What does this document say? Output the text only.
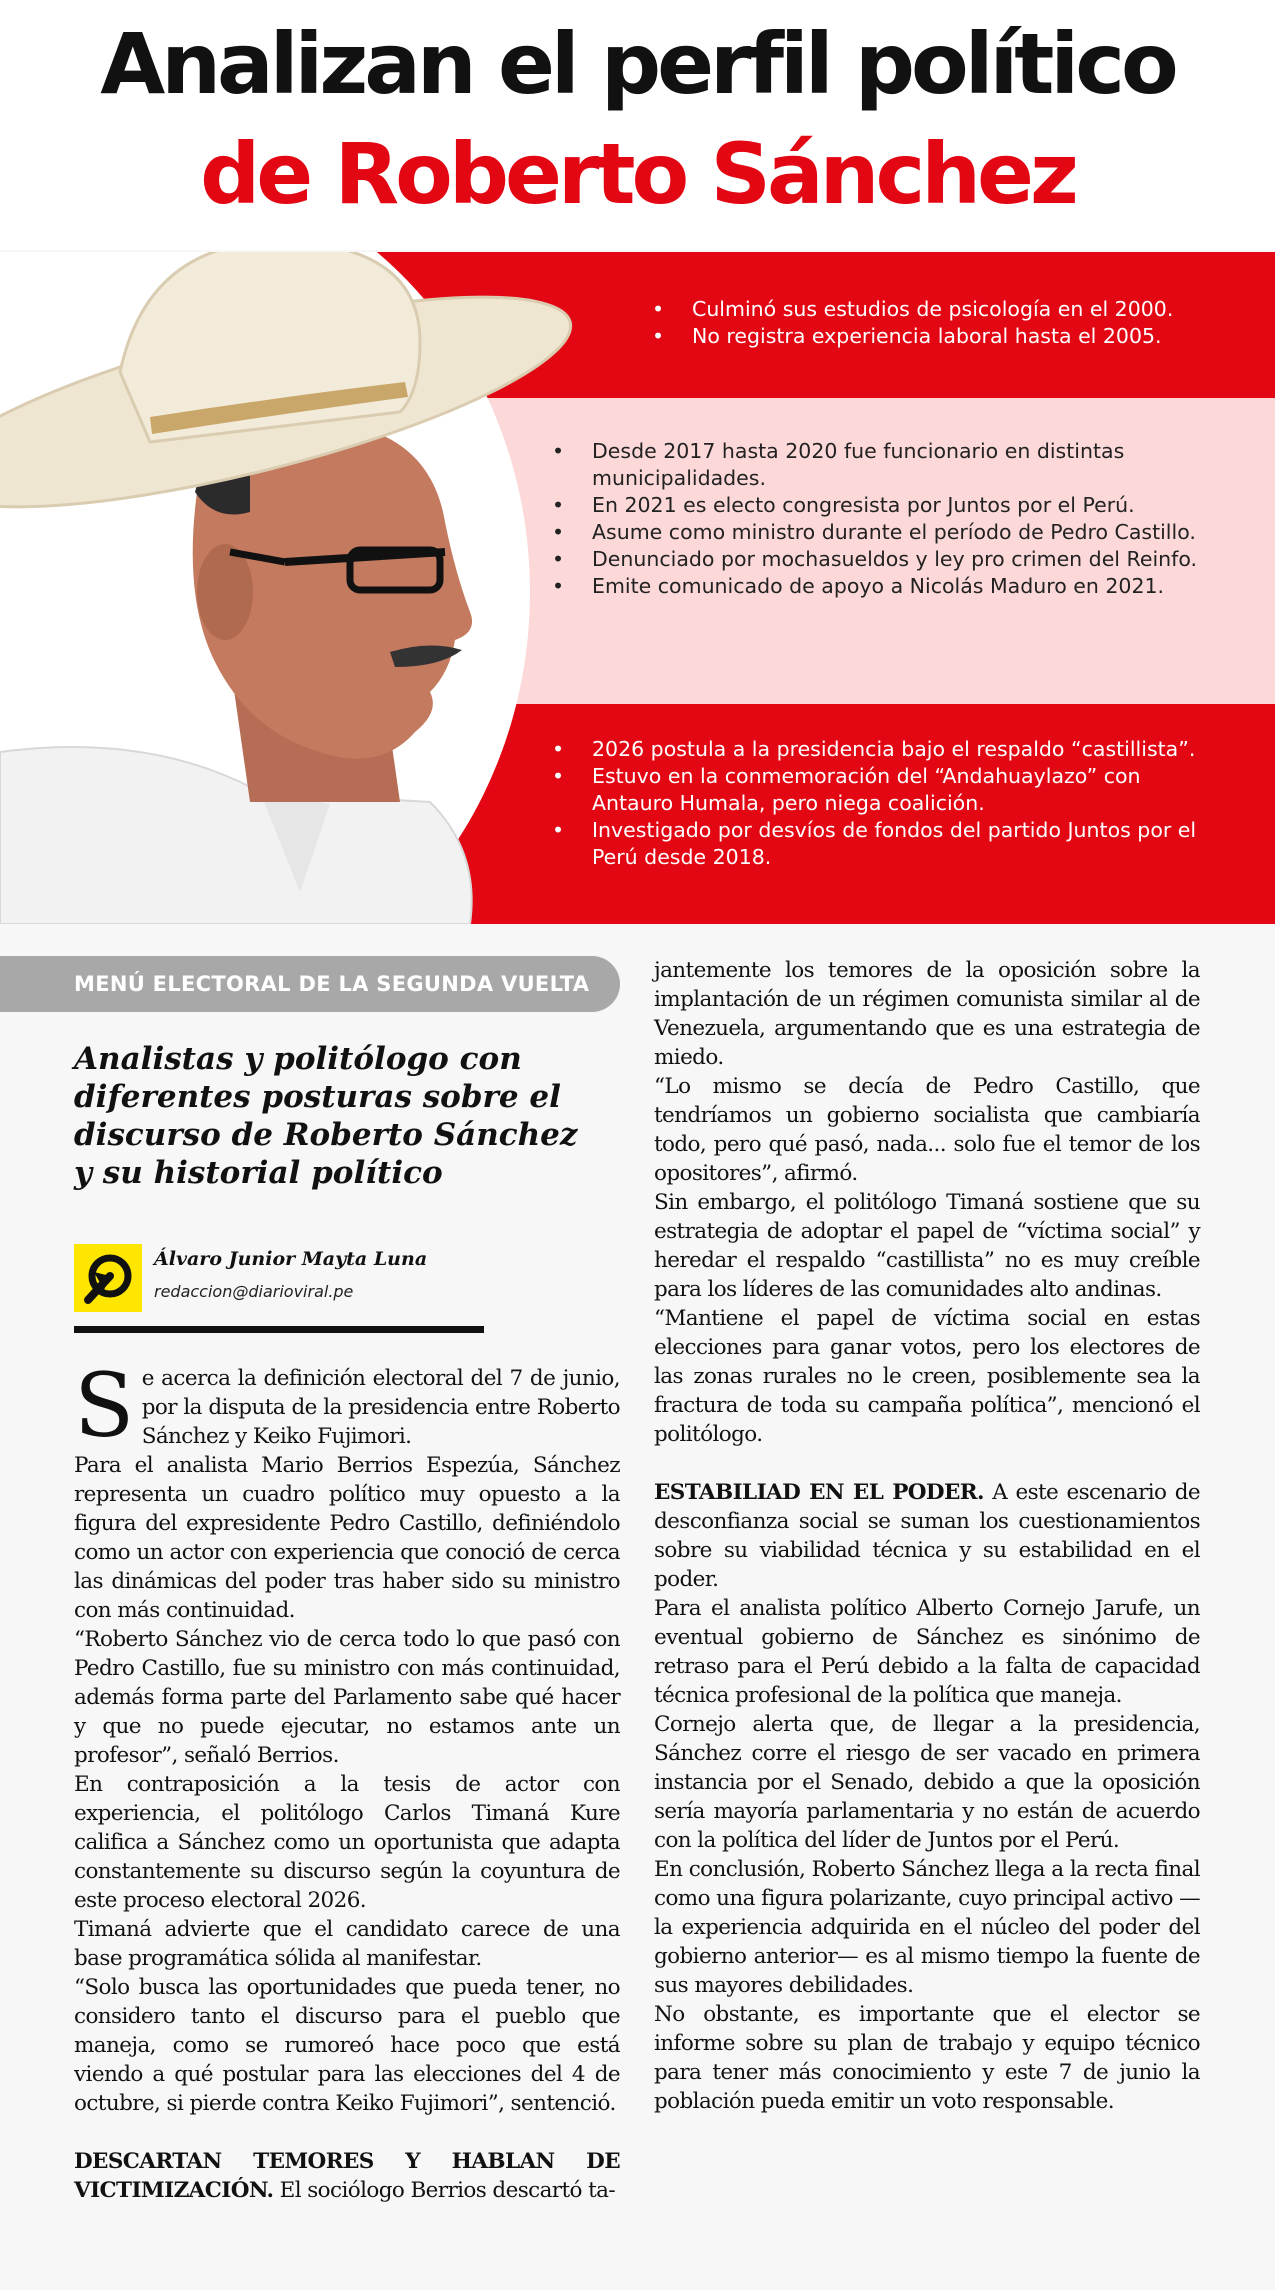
Analizan el perfil político
de Roberto Sánchez
• Culminó sus estudios de psicología en el 2000.
• No registra experiencia laboral hasta el 2005.
• Desde 2017 hasta 2020 fue funcionario en distintas municipalidades.
• En 2021 es electo congresista por Juntos por el Perú.
• Asume como ministro durante el período de Pedro Castillo.
• Denunciado por mochasueldos y ley pro crimen del Reinfo.
• Emite comunicado de apoyo a Nicolás Maduro en 2021.
• 2026 postula a la presidencia bajo el respaldo “castillista”.
• Estuvo en la conmemoración del “Andahuaylazo” con Antauro Humala, pero niega coalición.
• Investigado por desvíos de fondos del partido Juntos por el Perú desde 2018.
MENÚ ELECTORAL DE LA SEGUNDA VUELTA
Analistas y politólogo con diferentes posturas sobre el discurso de Roberto Sánchez y su historial político
Álvaro Junior Mayta Luna
redaccion@diarioviral.pe

Se acerca la definición electoral del 7 de junio, por la disputa de la presidencia entre Roberto Sánchez y Keiko Fujimori.

Para el analista Mario Berrios Espezúa, Sánchez representa un cuadro político muy opuesto a la figura del expresidente Pedro Castillo, definiéndolo como un actor con experiencia que conoció de cerca las dinámicas del poder tras haber sido su ministro con más continuidad.

“Roberto Sánchez vio de cerca todo lo que pasó con Pedro Castillo, fue su ministro con más continuidad, además forma parte del Parlamento sabe qué hacer y que no puede ejecutar, no estamos ante un profesor”, señaló Berrios.

En contraposición a la tesis de actor con experiencia, el politólogo Carlos Timaná Kure califica a Sánchez como un oportunista que adapta constantemente su discurso según la coyuntura de este proceso electoral 2026.

Timaná advierte que el candidato carece de una base programática sólida al manifestar.

“Solo busca las oportunidades que pueda tener, no considero tanto el discurso para el pueblo que maneja, como se rumoreó hace poco que está viendo a qué postular para las elecciones del 4 de octubre, si pierde contra Keiko Fujimori”, sentenció.

DESCARTAN TEMORES Y HABLAN DE VICTIMIZACIÓN. El sociólogo Berrios descartó ta-

jantemente los temores de la oposición sobre la implantación de un régimen comunista similar al de Venezuela, argumentando que es una estrategia de miedo.

“Lo mismo se decía de Pedro Castillo, que tendríamos un gobierno socialista que cambiaría todo, pero qué pasó, nada... solo fue el temor de los opositores”, afirmó.

Sin embargo, el politólogo Timaná sostiene que su estrategia de adoptar el papel de “víctima social” y heredar el respaldo “castillista” no es muy creíble para los líderes de las comunidades alto andinas.

“Mantiene el papel de víctima social en estas elecciones para ganar votos, pero los electores de las zonas rurales no le creen, posiblemente sea la fractura de toda su campaña política”, mencionó el politólogo.

ESTABILIAD EN EL PODER. A este escenario de desconfianza social se suman los cuestionamientos sobre su viabilidad técnica y su estabilidad en el poder.

Para el analista político Alberto Cornejo Jarufe, un eventual gobierno de Sánchez es sinónimo de retraso para el Perú debido a la falta de capacidad técnica profesional de la política que maneja.

Cornejo alerta que, de llegar a la presidencia, Sánchez corre el riesgo de ser vacado en primera instancia por el Senado, debido a que la oposición sería mayoría parlamentaria y no están de acuerdo con la política del líder de Juntos por el Perú.

En conclusión, Roberto Sánchez llega a la recta final como una figura polarizante, cuyo principal activo —la experiencia adquirida en el núcleo del poder del gobierno anterior— es al mismo tiempo la fuente de sus mayores debilidades.

No obstante, es importante que el elector se informe sobre su plan de trabajo y equipo técnico para tener más conocimiento y este 7 de junio la población pueda emitir un voto responsable.
